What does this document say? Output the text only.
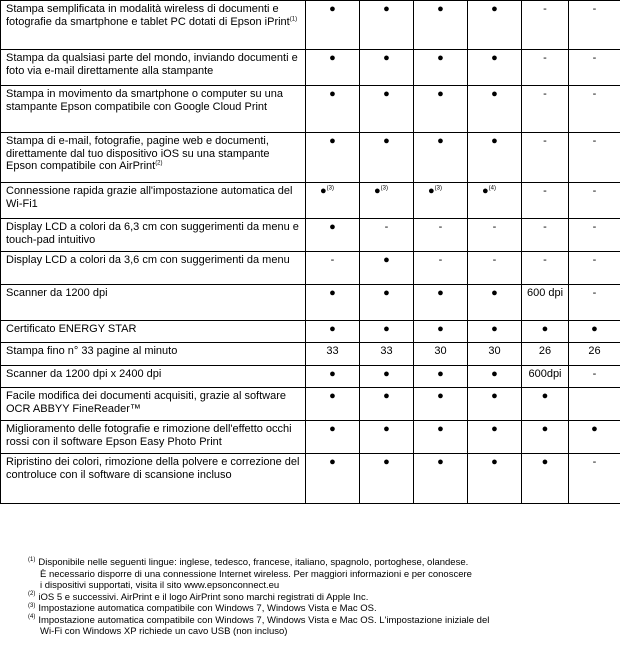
Stampa semplificata in modalità wireless di documenti e fotografie da smartphone e tablet PC dotati di Epson iPrint$^{(1)}$	●	●	●	●	-	-
Stampa da qualsiasi parte del mondo, inviando documenti e foto via e-mail direttamente alla stampante	●	●	●	●	-	-
Stampa in movimento da smartphone o computer su una stampante Epson compatibile con Google Cloud Print	●	●	●	●	-	-
Stampa di e-mail, fotografie, pagine web e documenti, direttamente dal tuo dispositivo iOS su una stampante Epson compatibile con AirPrint$^{(2)}$	●	●	●	●	-	-
Connessione rapida grazie all'impostazione automatica del Wi-Fi1	●$^{(3)}$	●$^{(3)}$	●$^{(3)}$	●$^{(4)}$	-	-
Display LCD a colori da 6,3 cm con suggerimenti da menu e touch-pad intuitivo	●	-	-	-	-	-
Display LCD a colori da 3,6 cm con suggerimenti da menu	-	●	-	-	-	-
Scanner da 1200 dpi	●	●	●	●	600 dpi	-
Certificato ENERGY STAR	●	●	●	●	●	●
Stampa fino n° 33 pagine al minuto	33	33	30	30	26	26
Scanner da 1200 dpi x 2400 dpi	●	●	●	●	600dpi	-
Facile modifica dei documenti acquisiti, grazie al software OCR ABBYY FineReader™	●	●	●	●	●	
Miglioramento delle fotografie e rimozione dell'effetto occhi rossi con il software Epson Easy Photo Print	●	●	●	●	●	●
Ripristino dei colori, rimozione della polvere e correzione del controluce con il software di scansione incluso	●	●	●	●	●	-

$^{(1)}$ Disponibile nelle seguenti lingue: inglese, tedesco, francese, italiano, spagnolo, portoghese, olandese.
È necessario disporre di una connessione Internet wireless. Per maggiori informazioni e per conoscere
i dispositivi supportati, visita il sito www.epsonconnect.eu

$^{(2)}$ iOS 5 e successivi. AirPrint e il logo AirPrint sono marchi registrati di Apple Inc.

$^{(3)}$ Impostazione automatica compatibile con Windows 7, Windows Vista e Mac OS.

$^{(4)}$ Impostazione automatica compatibile con Windows 7, Windows Vista e Mac OS. L'impostazione iniziale del
Wi-Fi con Windows XP richiede un cavo USB (non incluso)
